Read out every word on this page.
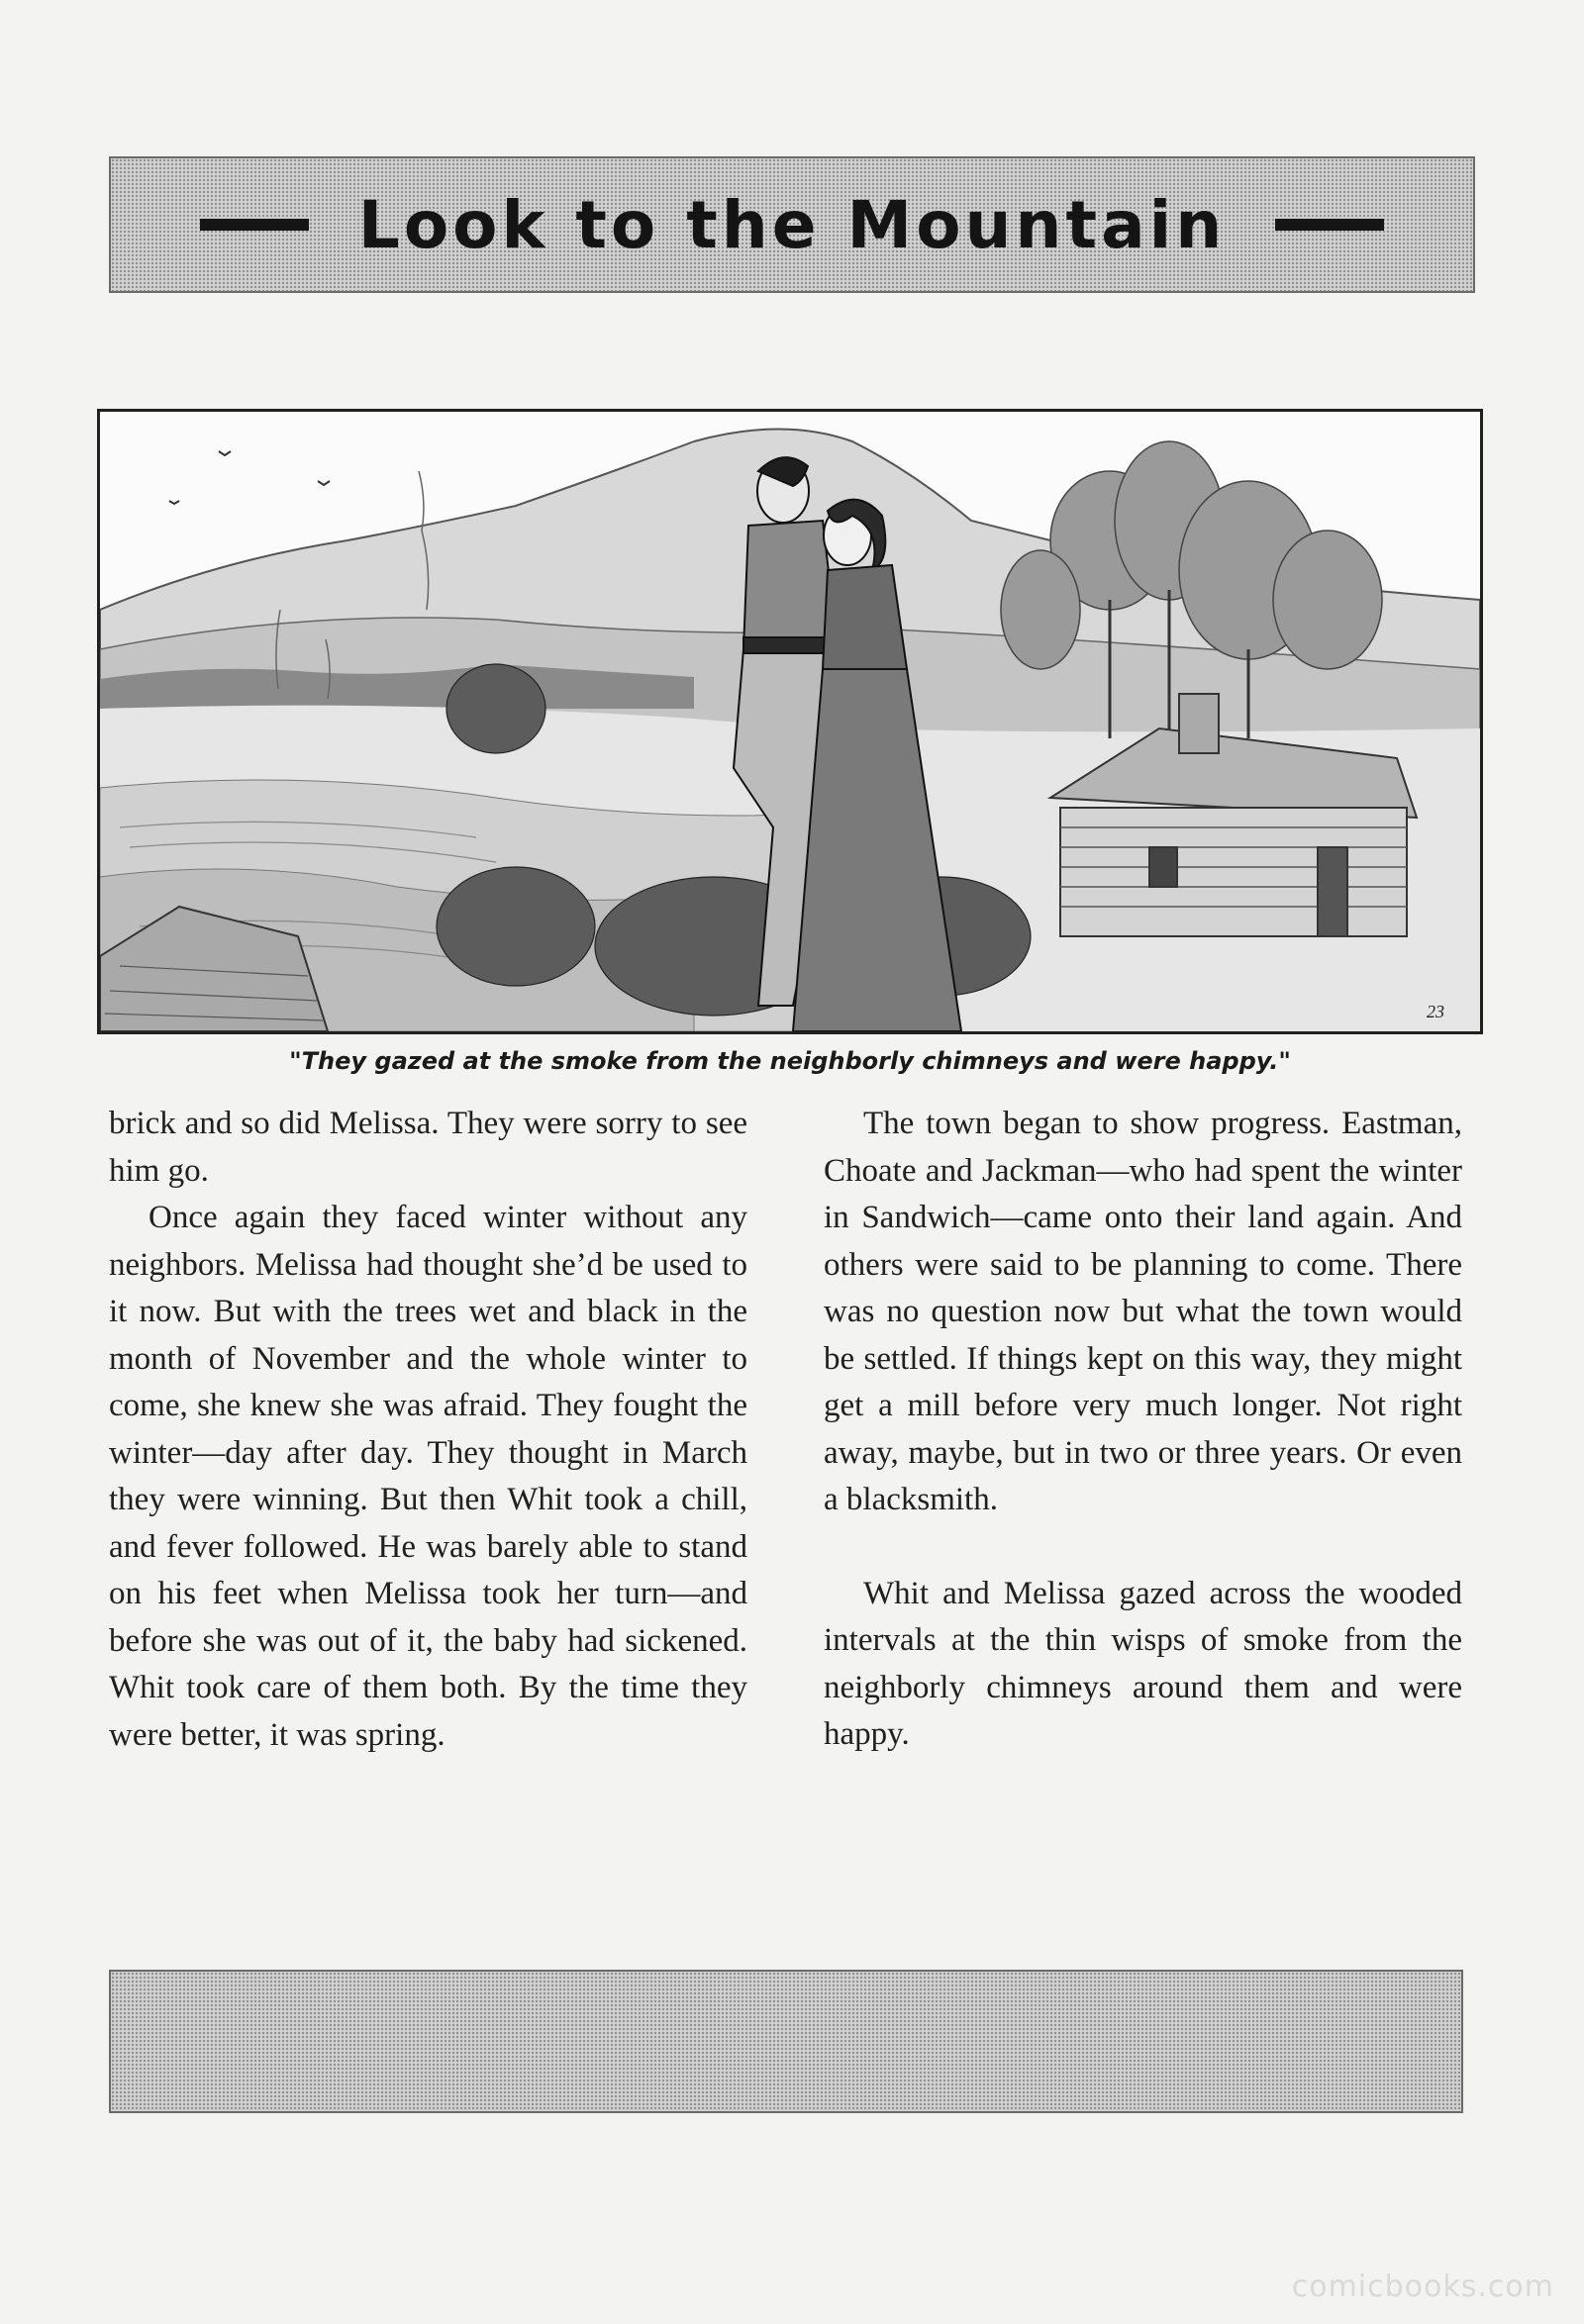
Look to the Mountain
23
"They gazed at the smoke from the neighborly chimneys and were happy."

brick and so did Melissa. They were sorry to see him go.

Once again they faced winter without any neighbors. Melissa had thought she’d be used to it now. But with the trees wet and black in the month of November and the whole winter to come, she knew she was afraid. They fought the winter—day after day. They thought in March they were winning. But then Whit took a chill, and fever followed. He was barely able to stand on his feet when Melissa took her turn—and before she was out of it, the baby had sickened. Whit took care of them both. By the time they were better, it was spring.

The town began to show progress. Eastman, Choate and Jackman—who had spent the winter in Sandwich—came onto their land again. And others were said to be planning to come. There was no question now but what the town would be settled. If things kept on this way, they might get a mill before very much longer. Not right away, maybe, but in two or three years. Or even a blacksmith.

Whit and Melissa gazed across the wooded intervals at the thin wisps of smoke from the neighborly chimneys around them and were happy.

comicbooks.com
